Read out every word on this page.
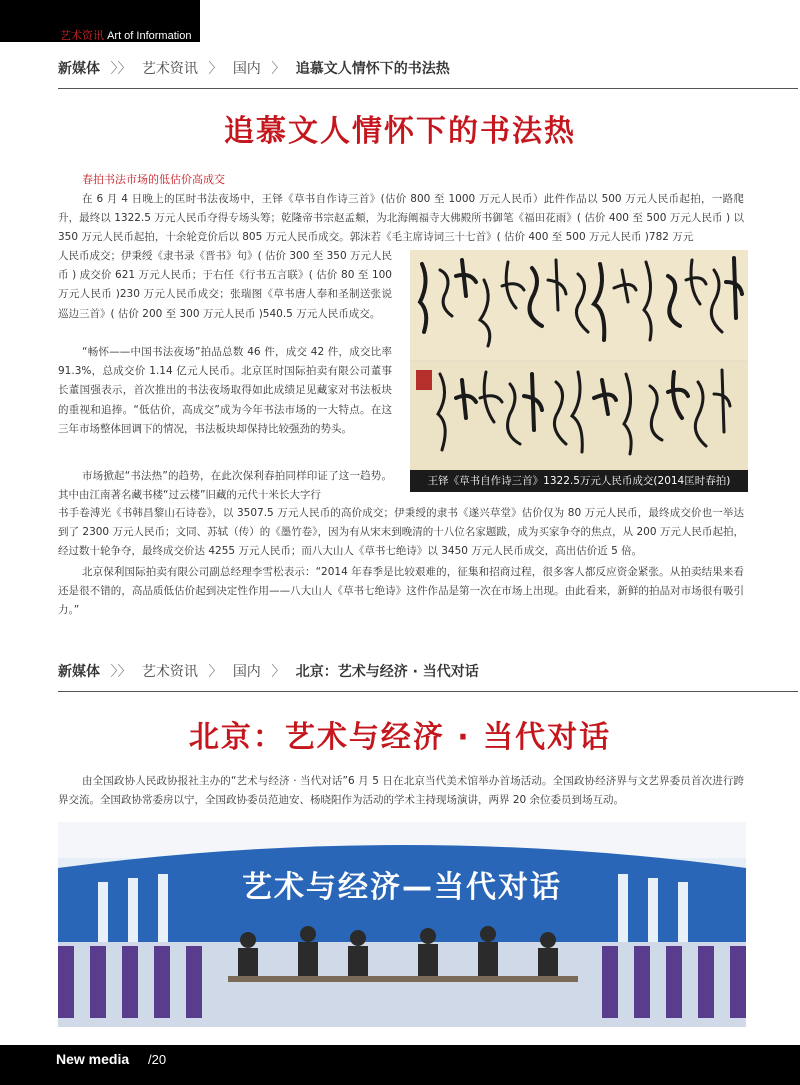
艺术资讯 Art of Information
新媒体 〉〉 艺术资讯 〉 国内 〉 追慕文人情怀下的书法热
追慕文人情怀下的书法热
春拍书法市场的低估价高成交

在 6 月 4 日晚上的匡时书法夜场中，王铎《草书自作诗三首》(估价 800 至 1000 万元人民币）此件作品以 500 万元人民币起拍，一路爬升，最终以 1322.5 万元人民币夺得专场头筹；乾隆帝书宗赵孟頫，为北海阐福寺大佛殿所书御笔《福田花雨》( 估价 400 至 500 万元人民币 ) 以 350 万元人民币起拍，十余轮竞价后以 805 万元人民币成交。郭沫若《毛主席诗词三十七首》( 估价 400 至 500 万元人民币 )782 万元

人民币成交；伊秉绶《隶书录《晋书》句》( 估价 300 至 350 万元人民币 ) 成交价 621 万元人民币；于右任《行书五言联》( 估价 80 至 100 万元人民币 )230 万元人民币成交；张瑞图《草书唐人奉和圣制送张说巡边三首》( 估价 200 至 300 万元人民币 )540.5 万元人民币成交。

“畅怀——中国书法夜场”拍品总数 46 件，成交 42 件，成交比率 91.3%，总成交价 1.14 亿元人民币。北京匡时国际拍卖有限公司董事长董国强表示，首次推出的书法夜场取得如此成绩足见藏家对书法板块的重视和追捧。“低估价，高成交”成为今年书法市场的一大特点。在这三年市场整体回调下的情况，书法板块却保持比较强劲的势头。

市场掀起“书法热”的趋势，在此次保利春拍同样印证了这一趋势。其中由江南著名藏书楼“过云楼”旧藏的元代十米长大字行

书手卷溥光《书韩昌黎山石诗卷》，以 3507.5 万元人民币的高价成交；伊秉绶的隶书《遂兴草堂》估价仅为 80 万元人民币，最终成交价也一举达到了 2300 万元人民币；文同、苏轼（传）的《墨竹卷》，因为有从宋末到晚清的十八位名家题跋，成为买家争夺的焦点，从 200 万元人民币起拍，经过数十轮争夺，最终成交价达 4255 万元人民币；而八大山人《草书七绝诗》以 3450 万元人民币成交，高出估价近 5 倍。

北京保利国际拍卖有限公司副总经理李雪松表示：“2014 年春季是比较艰难的，征集和招商过程，很多客人都反应资金紧张。从拍卖结果来看还是很不错的，高品质低估价起到决定性作用——八大山人《草书七绝诗》这件作品是第一次在市场上出现。由此看来，新鲜的拍品对市场很有吸引力。”

王铎《草书自作诗三首》1322.5万元人民币成交(2014匡时春拍)
新媒体 〉〉 艺术资讯 〉 国内 〉 北京：艺术与经济 · 当代对话
北京：艺术与经济 · 当代对话

由全国政协人民政协报社主办的“艺术与经济 · 当代对话”6 月 5 日在北京当代美术馆举办首场活动。全国政协经济界与文艺界委员首次进行跨界交流。全国政协常委房以宁，全国政协委员范迪安、杨晓阳作为活动的学术主持现场演讲，两界 20 余位委员到场互动。

艺术与经济—当代对话
New media /20
